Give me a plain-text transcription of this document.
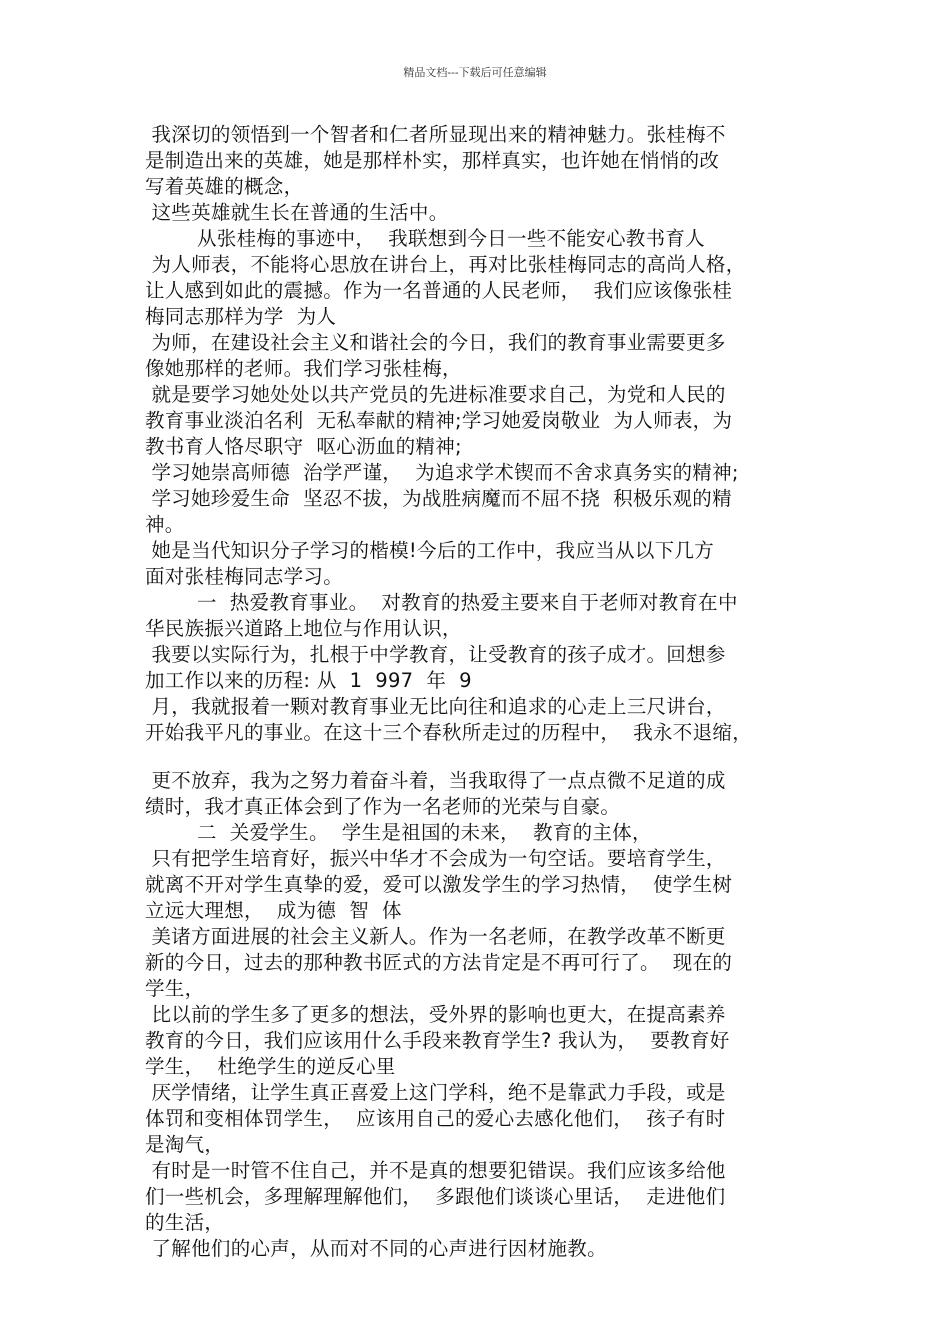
精品文档---下载后可任意编辑
我深切的领悟到一个智者和仁者所显现出来的精神魅力。张桂梅不
是制造出来的英雄，她是那样朴实，那样真实，也许她在悄悄的改
写着英雄的概念，
这些英雄就生长在普通的生活中。
从张桂梅的事迹中，  我联想到今日一些不能安心教书育人
为人师表，不能将心思放在讲台上，再对比张桂梅同志的高尚人格，
让人感到如此的震撼。作为一名普通的人民老师，  我们应该像张桂
梅同志那样为学  为人
为师，在建设社会主义和谐社会的今日，我们的教育事业需要更多
像她那样的老师。我们学习张桂梅，
就是要学习她处处以共产党员的先进标准要求自己，为党和人民的
教育事业淡泊名利  无私奉献的精神;学习她爱岗敬业  为人师表，为
教书育人恪尽职守  呕心沥血的精神;
学习她崇高师德  治学严谨，  为追求学术锲而不舍求真务实的精神;
学习她珍爱生命  坚忍不拔，为战胜病魔而不屈不挠  积极乐观的精
神。
她是当代知识分子学习的楷模!今后的工作中，我应当从以下几方
面对张桂梅同志学习。
一  热爱教育事业。  对教育的热爱主要来自于老师对教育在中
华民族振兴道路上地位与作用认识，
我要以实际行为，扎根于中学教育，让受教育的孩子成才。回想参
加工作以来的历程: 从  1  997  年  9
月，我就报着一颗对教育事业无比向往和追求的心走上三尺讲台，
开始我平凡的事业。在这十三个春秋所走过的历程中，  我永不退缩，
更不放弃，我为之努力着奋斗着，当我取得了一点点微不足道的成
绩时，我才真正体会到了作为一名老师的光荣与自豪。
二  关爱学生。  学生是祖国的未来，  教育的主体，
只有把学生培育好，振兴中华才不会成为一句空话。要培育学生，
就离不开对学生真挚的爱，爱可以激发学生的学习热情，  使学生树
立远大理想，  成为德  智  体
美诸方面进展的社会主义新人。作为一名老师，在教学改革不断更
新的今日，过去的那种教书匠式的方法肯定是不再可行了。  现在的
学生，
比以前的学生多了更多的想法，受外界的影响也更大，在提高素养
教育的今日，我们应该用什么手段来教育学生? 我认为，  要教育好
学生，  杜绝学生的逆反心里
厌学情绪，让学生真正喜爱上这门学科，绝不是靠武力手段，或是
体罚和变相体罚学生，  应该用自己的爱心去感化他们，  孩子有时
是淘气，
有时是一时管不住自己，并不是真的想要犯错误。我们应该多给他
们一些机会，多理解理解他们，  多跟他们谈谈心里话，  走进他们
的生活，
了解他们的心声，从而对不同的心声进行因材施教。
